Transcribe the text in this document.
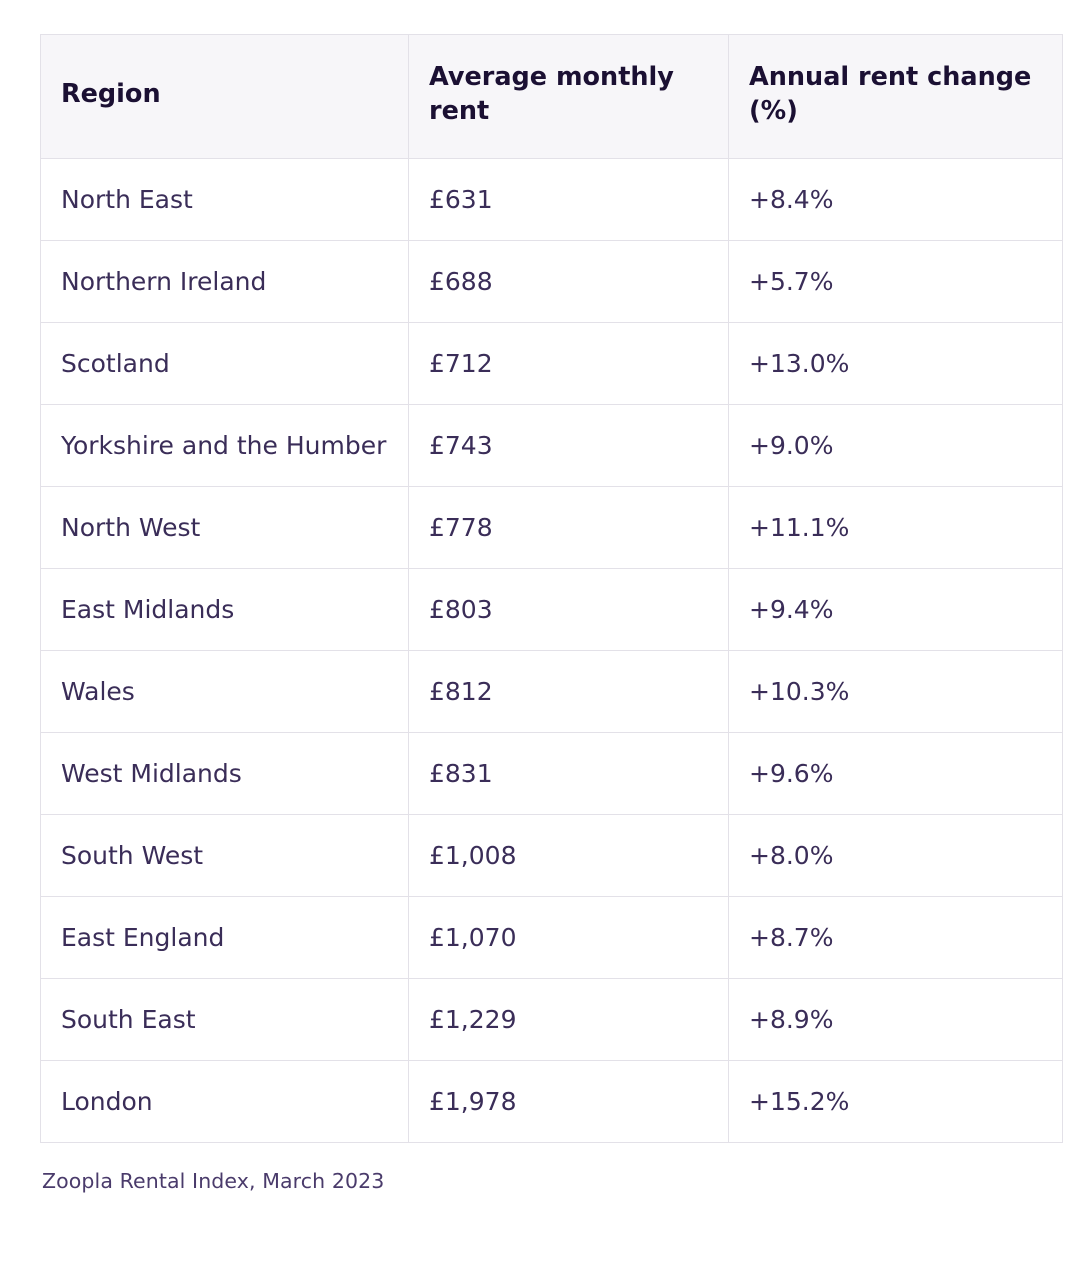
Region	Average monthly rent	Annual rent change (%)
North East	£631	+8.4%
Northern Ireland	£688	+5.7%
Scotland	£712	+13.0%
Yorkshire and the Humber	£743	+9.0%
North West	£778	+11.1%
East Midlands	£803	+9.4%
Wales	£812	+10.3%
West Midlands	£831	+9.6%
South West	£1,008	+8.0%
East England	£1,070	+8.7%
South East	£1,229	+8.9%
London	£1,978	+15.2%
Zoopla Rental Index, March 2023
